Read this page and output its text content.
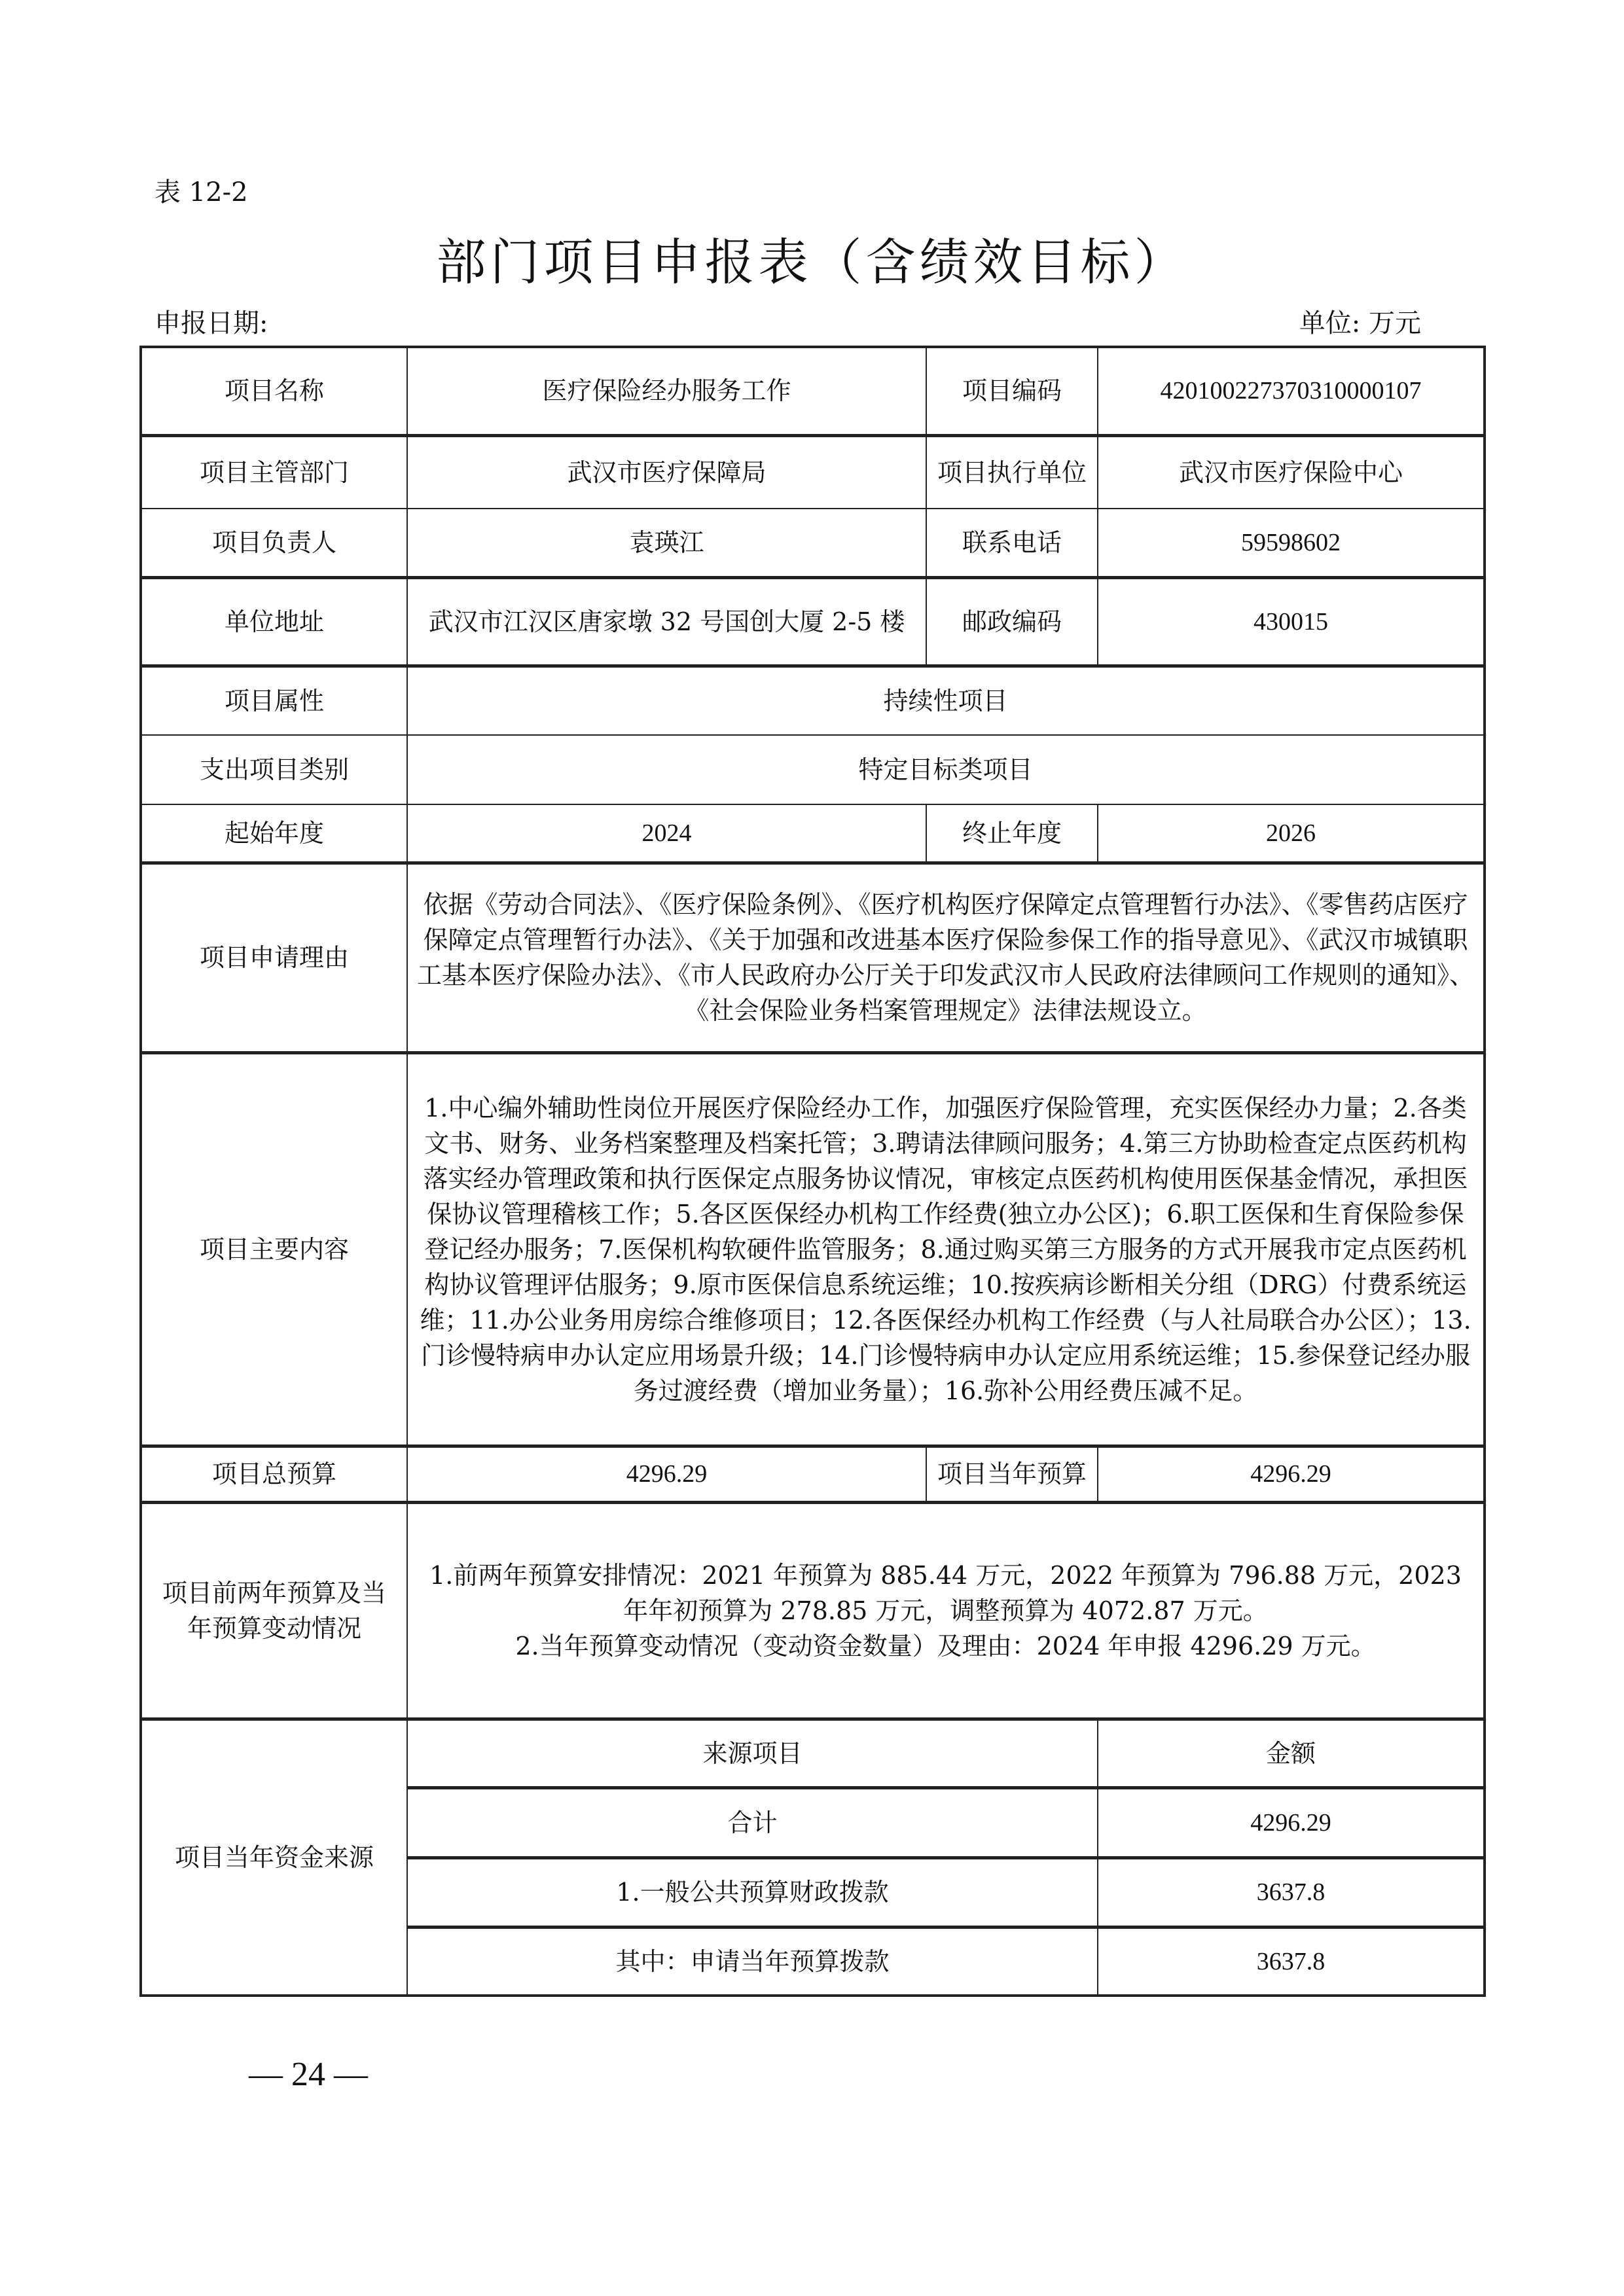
表 12-2
部门项目申报表（含绩效目标）
申报日期:	单位: 万元
项目名称	医疗保险经办服务工作	项目编码	420100227370310000107
项目主管部门	武汉市医疗保障局	项目执行单位	武汉市医疗保险中心
项目负责人	袁瑛江	联系电话	59598602
单位地址	武汉市江汉区唐家墩 32 号国创大厦 2-5 楼	邮政编码	430015
项目属性	持续性项目		
支出项目类别	特定目标类项目		
起始年度	2024	终止年度	2026
项目申请理由	依据《劳动合同法》、《医疗保险条例》、《医疗机构医疗保障定点管理暂行办法》、《零售药店医疗保障定点管理暂行办法》、《关于加强和改进基本医疗保险参保工作的指导意见》、《武汉市城镇职工基本医疗保险办法》、《市人民政府办公厅关于印发武汉市人民政府法律顾问工作规则的通知》、《社会保险业务档案管理规定》法律法规设立。		
项目主要内容	1.中心编外辅助性岗位开展医疗保险经办工作，加强医疗保险管理，充实医保经办力量；2.各类文书、财务、业务档案整理及档案托管；3.聘请法律顾问服务；4.第三方协助检查定点医药机构落实经办管理政策和执行医保定点服务协议情况，审核定点医药机构使用医保基金情况，承担医保协议管理稽核工作；5.各区医保经办机构工作经费(独立办公区)；6.职工医保和生育保险参保登记经办服务；7.医保机构软硬件监管服务；8.通过购买第三方服务的方式开展我市定点医药机构协议管理评估服务；9.原市医保信息系统运维；10.按疾病诊断相关分组（DRG）付费系统运维；11.办公业务用房综合维修项目；12.各医保经办机构工作经费（与人社局联合办公区）；13.门诊慢特病申办认定应用场景升级；14.门诊慢特病申办认定应用系统运维；15.参保登记经办服务过渡经费（增加业务量）；16.弥补公用经费压减不足。		
项目总预算	4296.29	项目当年预算	4296.29
项目前两年预算及当年预算变动情况	1.前两年预算安排情况：2021 年预算为 885.44 万元，2022 年预算为 796.88 万元，2023 年年初预算为 278.85 万元，调整预算为 4072.87 万元。
2.当年预算变动情况（变动资金数量）及理由：2024 年申报 4296.29 万元。		

项目当年资金来源	来源项目		金额
	合计		4296.29
	1.一般公共预算财政拨款		3637.8
	其中：申请当年预算拨款		3637.8
— 24 —
